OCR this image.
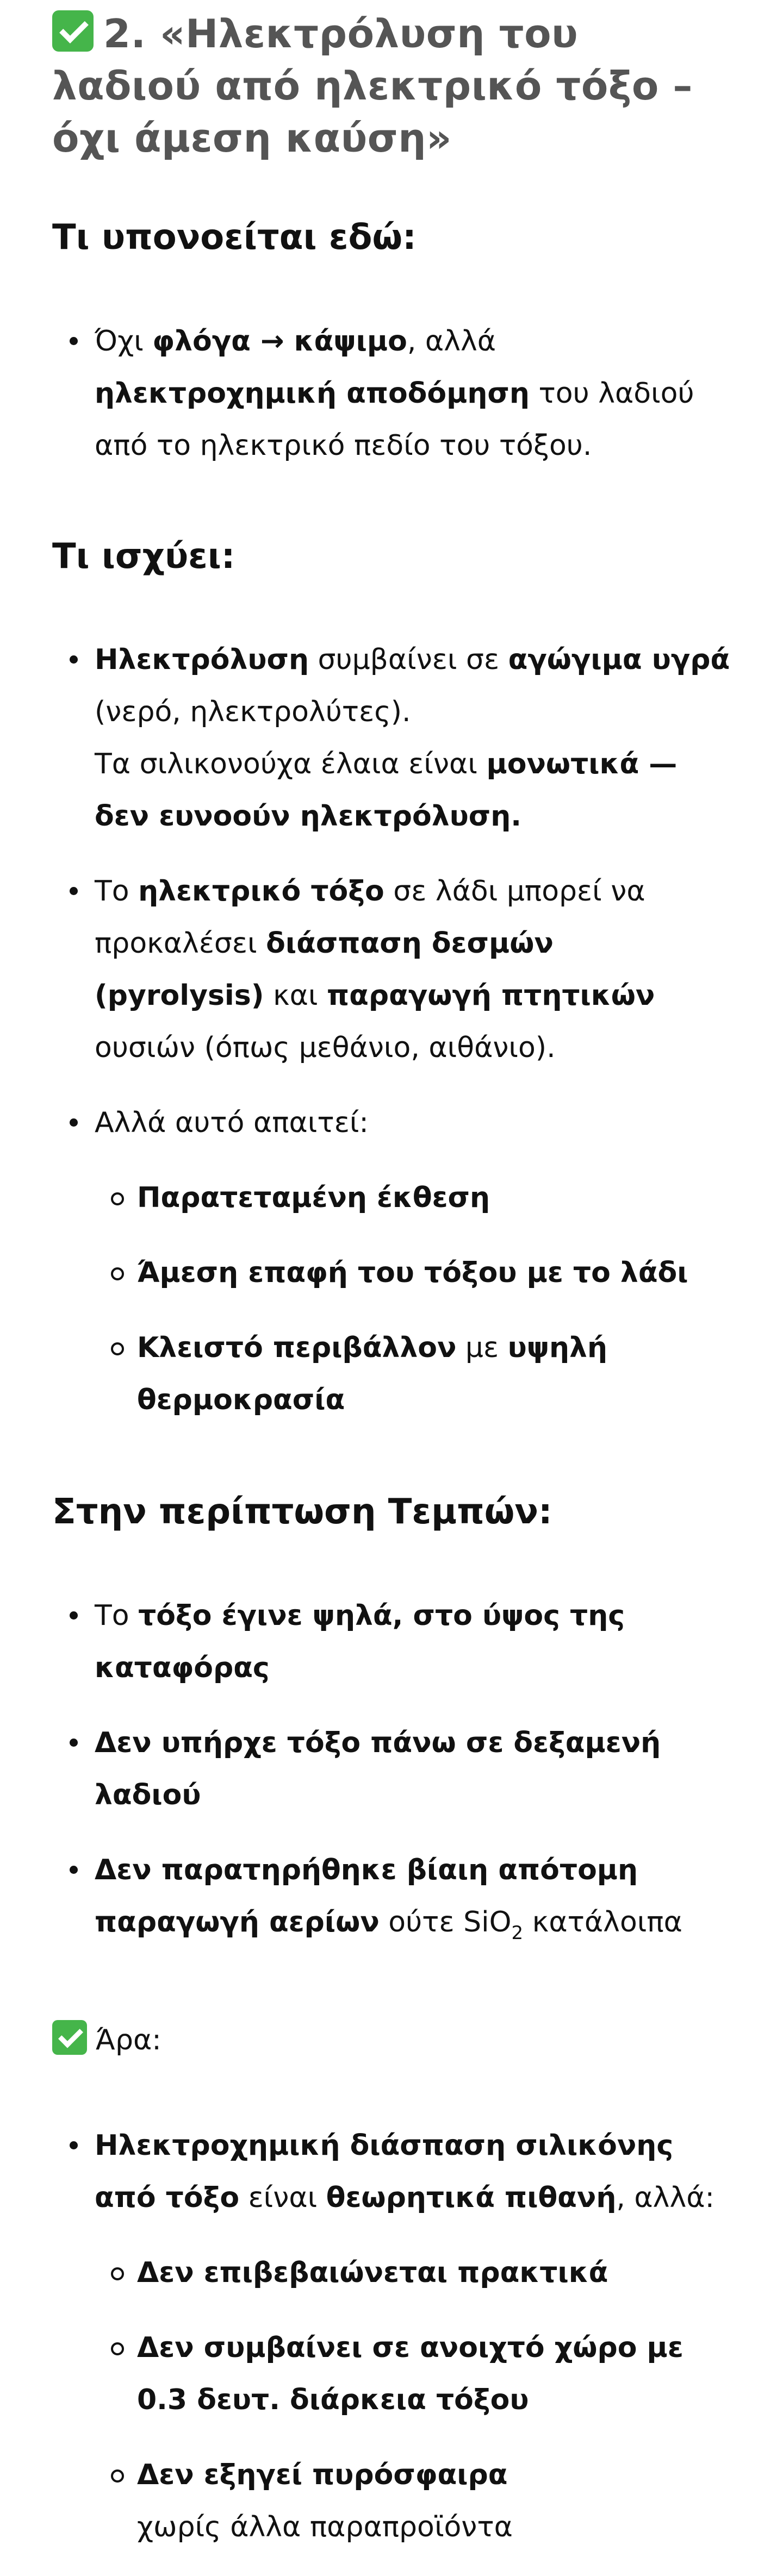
2. «Ηλεκτρόλυση του λαδιού από ηλεκτρικό τόξο – όχι άμεση καύση»
Τι υπονοείται εδώ:
Όχι φλόγα → κάψιμο, αλλά ηλεκτροχημική αποδόμηση του λαδιού από το ηλεκτρικό πεδίο του τόξου.
Τι ισχύει:
Ηλεκτρόλυση συμβαίνει σε αγώγιμα υγρά (νερό, ηλεκτρολύτες).
Τα σιλικονούχα έλαια είναι μονωτικά — δεν ευνοούν ηλεκτρόλυση.
Το ηλεκτρικό τόξο σε λάδι μπορεί να προκαλέσει διάσπαση δεσμών (pyrolysis) και παραγωγή πτητικών ουσιών (όπως μεθάνιο, αιθάνιο).
Αλλά αυτό απαιτεί:
Παρατεταμένη έκθεση
Άμεση επαφή του τόξου με το λάδι
Κλειστό περιβάλλον με υψηλή θερμοκρασία
Στην περίπτωση Τεμπών:
Το τόξο έγινε ψηλά, στο ύψος της καταφόρας
Δεν υπήρχε τόξο πάνω σε δεξαμενή λαδιού
Δεν παρατηρήθηκε βίαιη απότομη παραγωγή αερίων ούτε SiO$_2$ κατάλοιπα
Άρα:
Ηλεκτροχημική διάσπαση σιλικόνης από τόξο είναι θεωρητικά πιθανή, αλλά:
Δεν επιβεβαιώνεται πρακτικά
Δεν συμβαίνει σε ανοιχτό χώρο με 0.3 δευτ. διάρκεια τόξου
Δεν εξηγεί πυρόσφαιρα
χωρίς άλλα παραπροϊόντα
